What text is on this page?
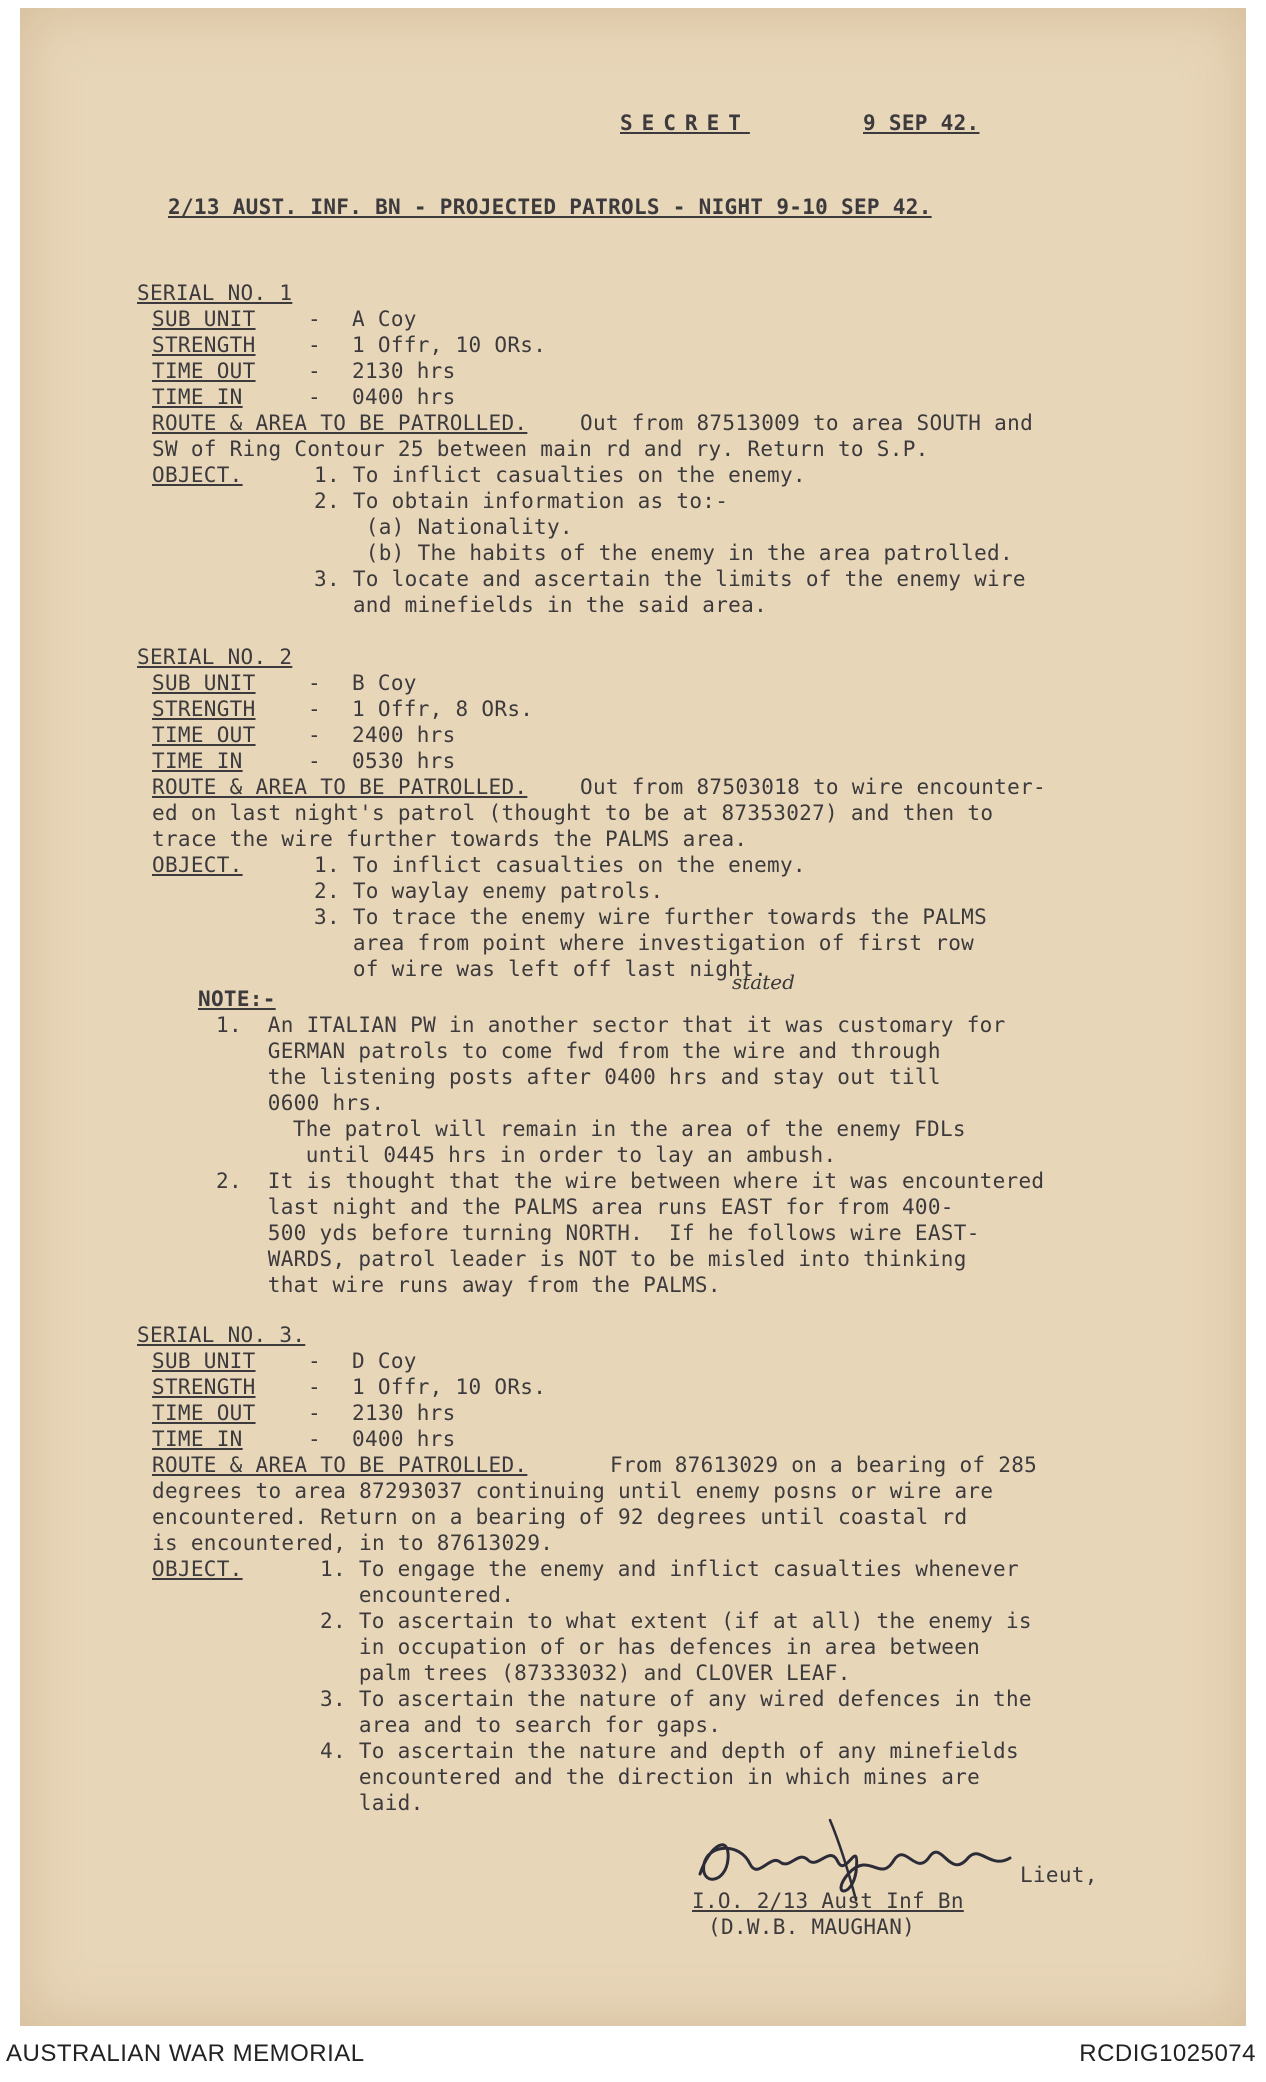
SECRET	9 SEP 42.
2/13 AUST. INF. BN - PROJECTED PATROLS - NIGHT 9-10 SEP 42.
SERIAL NO. 1
SUB UNIT - A Coy
STRENGTH - 1 Offr, 10 ORs.
TIME OUT - 2130 hrs
TIME IN	- 0400 hrs
ROUTE & AREA TO BE PATROLLED.	Out from 87513009 to area SOUTH and
SW of Ring Contour 25 between main rd and ry. Return to S.P.
OBJECT.	1. To inflict casualties on the enemy.
2. To obtain information as to:-
(a) Nationality.
(b) The habits of the enemy in the area patrolled.
3. To locate and ascertain the limits of the enemy wire
and minefields in the said area.
SERIAL NO. 2
SUB UNIT - B Coy
STRENGTH - 1 Offr, 8 ORs.
TIME OUT - 2400 hrs
TIME IN	- 0530 hrs
ROUTE & AREA TO BE PATROLLED.	Out from 87503018 to wire encounter-
ed on last night's patrol (thought to be at 87353027) and then to
trace the wire further towards the PALMS area.
OBJECT.	1. To inflict casualties on the enemy.
2. To waylay enemy patrols.
3. To trace the enemy wire further towards the PALMS
area from point where investigation of first row
of wire was left off last night.
NOTE:-
stated
1.  An ITALIAN PW in another sector that it was customary for
GERMAN patrols to come fwd from the wire and through
the listening posts after 0400 hrs and stay out till
0600 hrs.
The patrol will remain in the area of the enemy FDLs
until 0445 hrs in order to lay an ambush.
2.  It is thought that the wire between where it was encountered
last night and the PALMS area runs EAST for from 400-
500 yds before turning NORTH.  If he follows wire EAST-
WARDS, patrol leader is NOT to be misled into thinking
that wire runs away from the PALMS.
SERIAL NO. 3.
SUB UNIT - D Coy
STRENGTH - 1 Offr, 10 ORs.
TIME OUT - 2130 hrs
TIME IN	- 0400 hrs
ROUTE & AREA TO BE PATROLLED.	From 87613029 on a bearing of 285
degrees to area 87293037 continuing until enemy posns or wire are
encountered. Return on a bearing of 92 degrees until coastal rd
is encountered, in to 87613029.
OBJECT.	1. To engage the enemy and inflict casualties whenever
encountered.
2. To ascertain to what extent (if at all) the enemy is
in occupation of or has defences in area between
palm trees (87333032) and CLOVER LEAF.
3. To ascertain the nature of any wired defences in the
area and to search for gaps.
4. To ascertain the nature and depth of any minefields
encountered and the direction in which mines are
laid.
Lieut,
I.O. 2/13 Aust Inf Bn
(D.W.B. MAUGHAN)
AUSTRALIAN WAR MEMORIAL	RCDIG1025074
